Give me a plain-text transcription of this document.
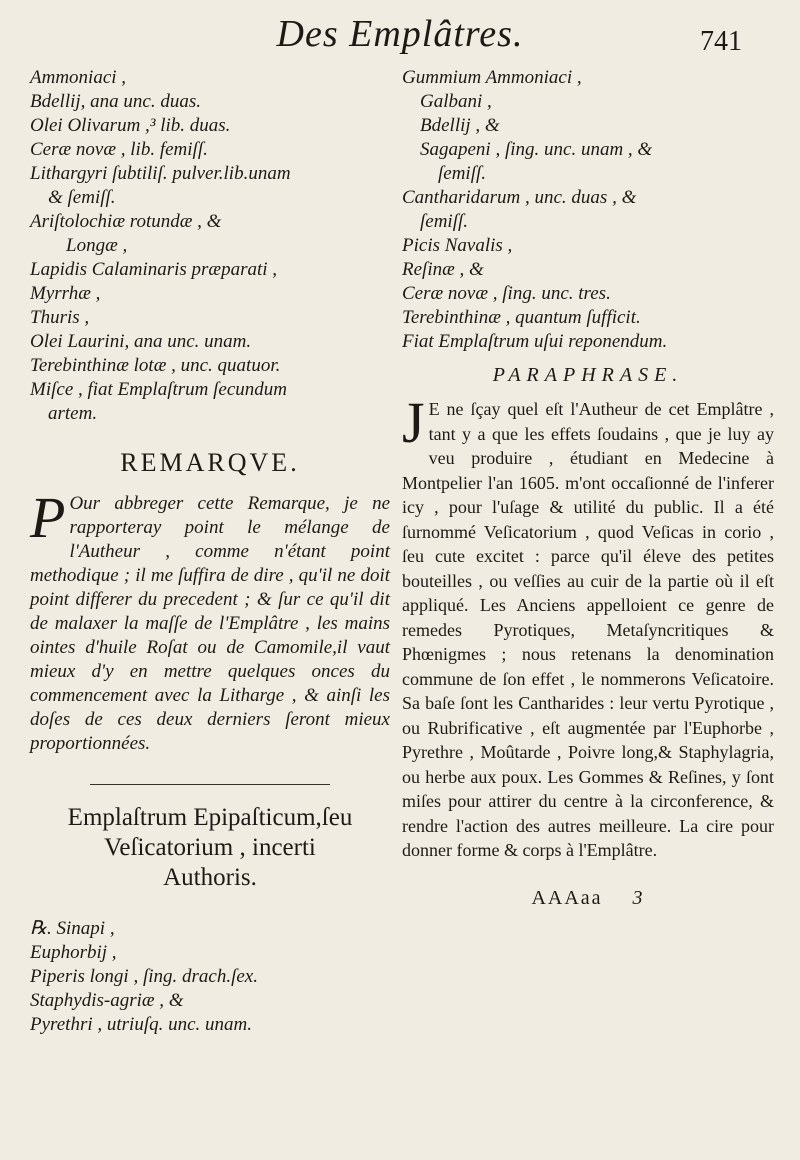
Des Emplâtres.	741
Ammoniaci ,
Bdellij, ana unc. duas.
Olei Olivarum ,³ lib. duas.
Ceræ novæ , lib. femiſſ.
Lithargyri ſubtiliſ. pulver.lib.unam
& ſemiſſ.
Ariſtolochiæ rotundæ , &
Longæ ,
Lapidis Calaminaris præparati ,
Myrrhæ ,
Thuris ,
Olei Laurini, ana unc. unam.
Terebinthinæ lotæ , unc. quatuor.
Miſce , fiat Emplaſtrum ſecundum
artem.
REMARQVE.
P Our abbreger cette Remarque, je ne rapporteray point le mélange de l'Autheur , comme n'étant point methodique ; il me ſuffira de dire , qu'il ne doit point differer du precedent ; & ſur ce qu'il dit de malaxer la maſſe de l'Emplâtre , les mains ointes d'huile Roſat ou de Camomile,il vaut mieux d'y en mettre quelques onces du commencement avec la Litharge , & ainſi les doſes de ces deux derniers ſeront mieux proportionnées.
Emplaſtrum Epipaſticum,ſeu
Veſicatorium , incerti
Authoris.
℞. Sinapi ,
Euphorbij ,
Piperis longi , ſing. drach.ſex.
Staphydis-agriæ , &
Pyrethri , utriuſq. unc. unam.
Gummium Ammoniaci ,
Galbani ,
Bdellij , &
Sagapeni , ſing. unc. unam , &
ſemiſſ.
Cantharidarum , unc. duas , &
ſemiſſ.
Picis Navalis ,
Reſinæ , &
Ceræ novæ , ſing. unc. tres.
Terebinthinæ , quantum ſufficit.
Fiat Emplaſtrum uſui reponendum.
PARAPHRASE.
J E ne ſçay quel eſt l'Autheur de cet Emplâtre , tant y a que les effets ſoudains , que je luy ay veu produire , étudiant en Medecine à Montpelier l'an 1605. m'ont occaſionné de l'inferer icy , pour l'uſage & utilité du public. Il a été ſurnommé Veſicatorium , quod Veſicas in corio , ſeu cute excitet : parce qu'il éleve des petites bouteilles , ou veſſies au cuir de la partie où il eſt appliqué. Les Anciens appelloient ce genre de remedes Pyrotiques, Metaſyncritiques & Phœnigmes ; nous retenans la denomination commune de ſon effet , le nommerons Veſicatoire. Sa baſe ſont les Cantharides : leur vertu Pyrotique , ou Rubrificative , eſt augmentée par l'Euphorbe , Pyrethre , Moûtarde , Poivre long,& Staphylagria, ou herbe aux poux. Les Gommes & Reſines, y ſont miſes pour attirer du centre à la circonference, & rendre l'action des autres meilleure. La cire pour donner forme & corps à l'Emplâtre.
AAAaa 3
